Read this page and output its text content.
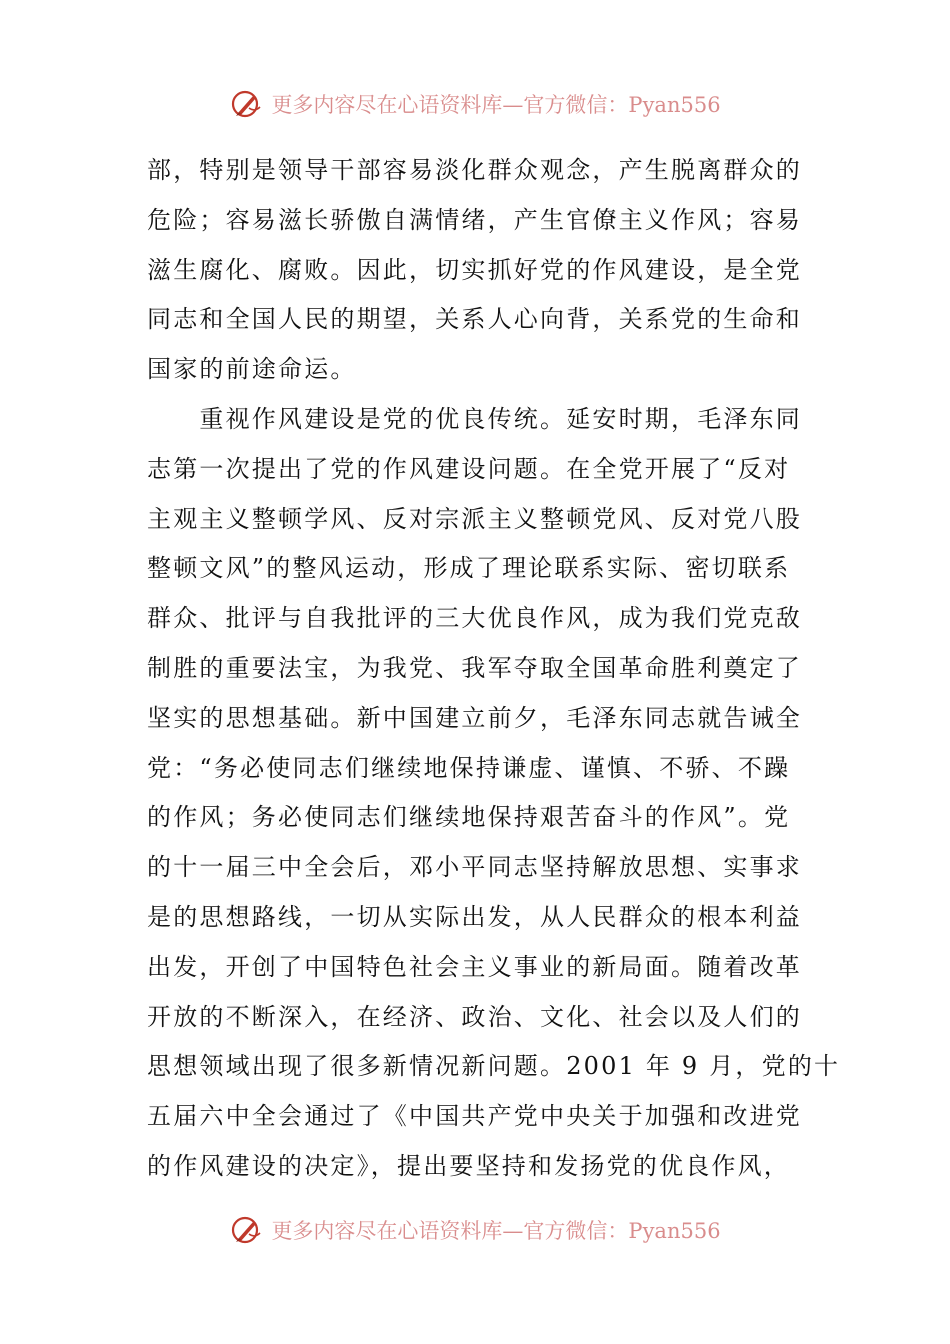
更多内容尽在心语资料库—官方微信：Pyan556
部，特别是领导干部容易淡化群众观念，产生脱离群众的
危险；容易滋长骄傲自满情绪，产生官僚主义作风；容易
滋生腐化、腐败。因此，切实抓好党的作风建设，是全党
同志和全国人民的期望，关系人心向背，关系党的生命和
国家的前途命运。
　　重视作风建设是党的优良传统。延安时期，毛泽东同
志第一次提出了党的作风建设问题。在全党开展了“反对
主观主义整顿学风、反对宗派主义整顿党风、反对党八股
整顿文风”的整风运动，形成了理论联系实际、密切联系
群众、批评与自我批评的三大优良作风，成为我们党克敌
制胜的重要法宝，为我党、我军夺取全国革命胜利奠定了
坚实的思想基础。新中国建立前夕，毛泽东同志就告诫全
党：“务必使同志们继续地保持谦虚、谨慎、不骄、不躁
的作风；务必使同志们继续地保持艰苦奋斗的作风”。党
的十一届三中全会后，邓小平同志坚持解放思想、实事求
是的思想路线，一切从实际出发，从人民群众的根本利益
出发，开创了中国特色社会主义事业的新局面。随着改革
开放的不断深入，在经济、政治、文化、社会以及人们的
思想领域出现了很多新情况新问题。2001 年 9 月，党的十
五届六中全会通过了《中国共产党中央关于加强和改进党
的作风建设的决定》，提出要坚持和发扬党的优良作风，
更多内容尽在心语资料库—官方微信：Pyan556
